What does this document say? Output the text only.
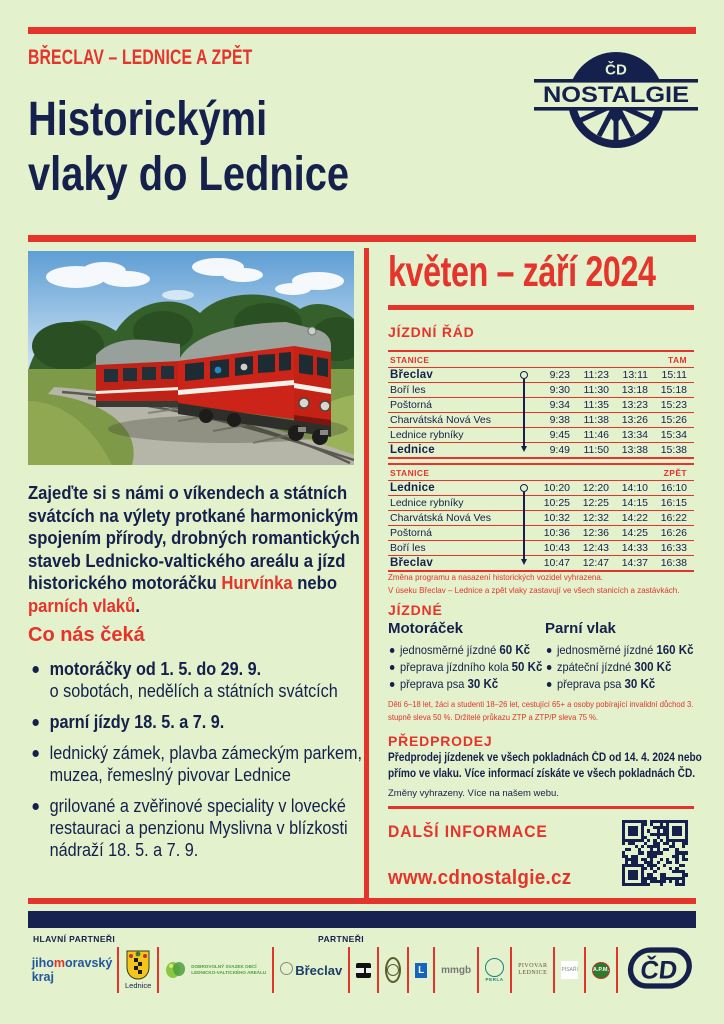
BŘECLAV – LEDNICE A ZPĚT
Historickými
vlaky do Lednice
NOSTALGIE
ČD

Zajeďte si s námi o víkendech a státních svátcích na výlety protkané harmonickým spojením přírody, drobných romantických staveb Lednicko-valtického areálu a jízd historického motoráčku Hurvínka nebo parních vlaků.

Co nás čeká
motoráčky od 1. 5. do 29. 9.
o sobotách, nedělích a státních svátcích
parní jízdy 18. 5. a 7. 9.
lednický zámek, plavba zámeckým parkem, muzea, řemeslný pivovar Lednice
grilované a zvěřinové speciality v lovecké restauraci a penzionu Myslivna v blízkosti nádraží 18. 5. a 7. 9.
květen – září 2024
JÍZDNÍ ŘÁD
STANICE	TAM
Břeclav	9:23	11:23	13:11	15:11
Boří les	9:30	11:30	13:18	15:18
Poštorná	9:34	11:35	13:23	15:23
Charvátská Nová Ves	9:38	11:38	13:26	15:26
Lednice rybníky	9:45	11:46	13:34	15:34
Lednice	9:49	11:50	13:38	15:38
STANICE	ZPĚT
Lednice	10:20	12:20	14:10	16:10
Lednice rybníky	10:25	12:25	14:15	16:15
Charvátská Nová Ves	10:32	12:32	14:22	16:22
Poštorná	10:36	12:36	14:25	16:26
Boří les	10:43	12:43	14:33	16:33
Břeclav	10:47	12:47	14:37	16:38
Změna programu a nasazení historických vozidel vyhrazena.
V úseku Břeclav – Lednice a zpět vlaky zastavují ve všech stanicích a zastávkách.
JÍZDNÉ
Motoráček
jednosměrné jízdné 60 Kč
přeprava jízdního kola 50 Kč
přeprava psa 30 Kč
Parní vlak
jednosměrné jízdné 160 Kč
zpáteční jízdné 300 Kč
přeprava psa 30 Kč
Děti 6–18 let, žáci a studenti 18–26 let, cestující 65+ a osoby pobírající invalidní důchod 3. stupně sleva 50 %. Držitelé průkazu ZTP a ZTP/P sleva 75 %.
PŘEDPRODEJ
Předprodej jízdenek ve všech pokladnách ČD od 14. 4. 2024 nebo přímo ve vlaku. Více informací získáte ve všech pokladnách ČD.
Změny vyhrazeny. Více na našem webu.
DALŠÍ INFORMACE
www.cdnostalgie.cz
HLAVNÍ PARTNEŘI	PARTNEŘI
jihomoravský kraj
Lednice
DOBROVOLNÝ SVAZEK OBCÍ
LEDNICKO-VALTICKÉHO AREÁLU	Břeclav	L mmgb
PERLA
PIVOVAR
LEDNICE	PÍSAŘI	A.P.M. ČD
